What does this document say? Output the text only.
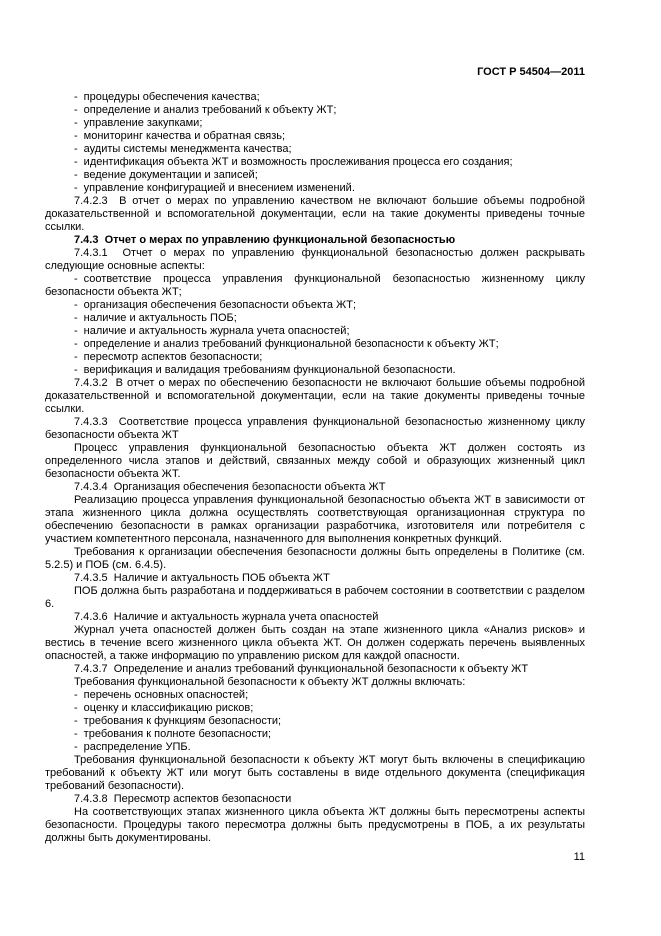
ГОСТ Р 54504—2011

- процедуры обеспечения качества;

- определение и анализ требований к объекту ЖТ;

- управление закупками;

- мониторинг качества и обратная связь;

- аудиты системы менеджмента качества;

- идентификация объекта ЖТ и возможность прослеживания процесса его создания;

- ведение документации и записей;

- управление конфигурацией и внесением изменений.

7.4.2.3  В отчет о мерах по управлению качеством не включают большие объемы подробной доказательственной и вспомогательной документации, если на такие документы приведены точные ссылки.

7.4.3  Отчет о мерах по управлению функциональной безопасностью

7.4.3.1  Отчет о мерах по управлению функциональной безопасностью должен раскрывать следующие основные аспекты:

- соответствие процесса управления функциональной безопасностью жизненному циклу безопасности объекта ЖТ;

- организация обеспечения безопасности объекта ЖТ;

- наличие и актуальность ПОБ;

- наличие и актуальность журнала учета опасностей;

- определение и анализ требований функциональной безопасности к объекту ЖТ;

- пересмотр аспектов безопасности;

- верификация и валидация требованиям функциональной безопасности.

7.4.3.2  В отчет о мерах по обеспечению безопасности не включают большие объемы подробной доказательственной и вспомогательной документации, если на такие документы приведены точные ссылки.

7.4.3.3  Соответствие процесса управления функциональной безопасностью жизненному циклу безопасности объекта ЖТ

Процесс управления функциональной безопасностью объекта ЖТ должен состоять из определенного числа этапов и действий, связанных между собой и образующих жизненный цикл безопасности объекта ЖТ.

7.4.3.4  Организация обеспечения безопасности объекта ЖТ

Реализацию процесса управления функциональной безопасностью объекта ЖТ в зависимости от этапа жизненного цикла должна осуществлять соответствующая организационная структура по обеспечению безопасности в рамках организации разработчика, изготовителя или потребителя с участием компетентного персонала, назначенного для выполнения конкретных функций.

Требования к организации обеспечения безопасности должны быть определены в Политике (см. 5.2.5) и ПОБ (см. 6.4.5).

7.4.3.5  Наличие и актуальность ПОБ объекта ЖТ

ПОБ должна быть разработана и поддерживаться в рабочем состоянии в соответствии с разделом 6.

7.4.3.6  Наличие и актуальность журнала учета опасностей

Журнал учета опасностей должен быть создан на этапе жизненного цикла «Анализ рисков» и вестись в течение всего жизненного цикла объекта ЖТ. Он должен содержать перечень выявленных опасностей, а также информацию по управлению риском для каждой опасности.

7.4.3.7  Определение и анализ требований функциональной безопасности к объекту ЖТ

Требования функциональной безопасности к объекту ЖТ должны включать:

- перечень основных опасностей;

- оценку и классификацию рисков;

- требования к функциям безопасности;

- требования к полноте безопасности;

- распределение УПБ.

Требования функциональной безопасности к объекту ЖТ могут быть включены в спецификацию требований к объекту ЖТ или могут быть составлены в виде отдельного документа (спецификация требований безопасности).

7.4.3.8  Пересмотр аспектов безопасности

На соответствующих этапах жизненного цикла объекта ЖТ должны быть пересмотрены аспекты безопасности. Процедуры такого пересмотра должны быть предусмотрены в ПОБ, а их результаты должны быть документированы.

11
